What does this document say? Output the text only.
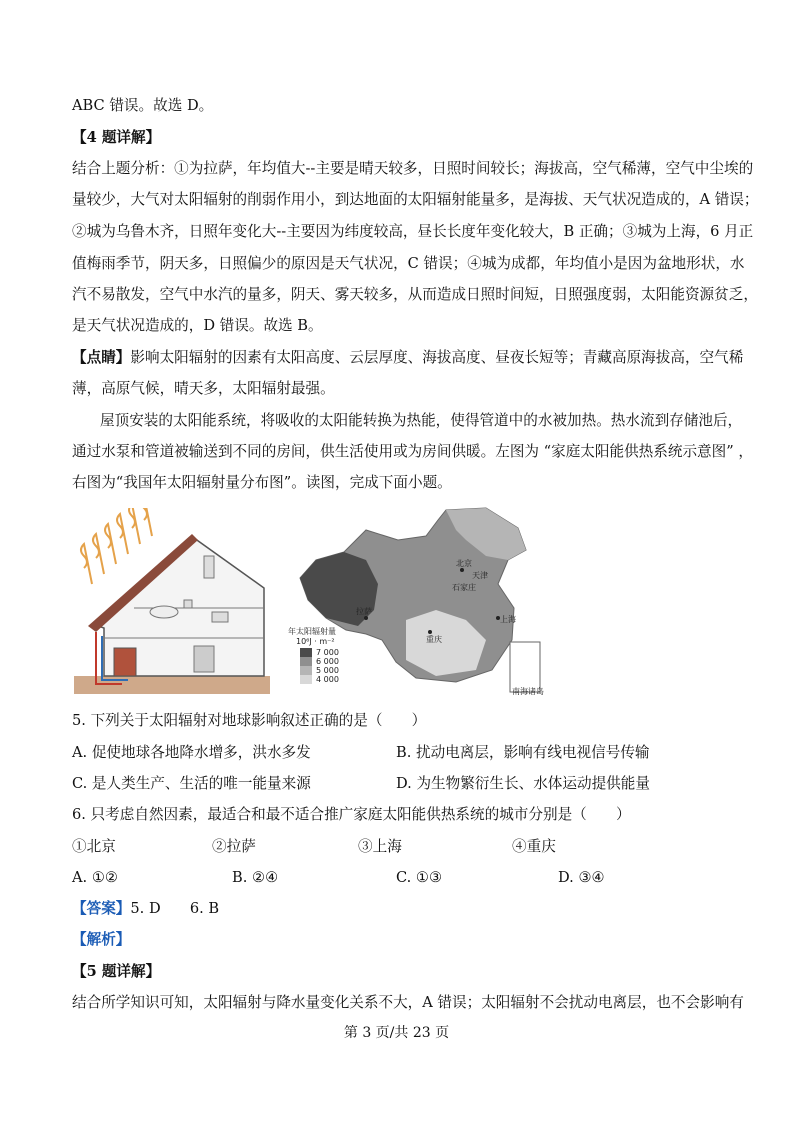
ABC 错误。故选 D。
【4 题详解】
结合上题分析：①为拉萨，年均值大--主要是晴天较多，日照时间较长；海拔高，空气稀薄，空气中尘埃的
量较少，大气对太阳辐射的削弱作用小，到达地面的太阳辐射能量多，是海拔、天气状况造成的，A 错误；
②城为乌鲁木齐，日照年变化大--主要因为纬度较高，昼长长度年变化较大，B 正确；③城为上海，6 月正
值梅雨季节，阴天多，日照偏少的原因是天气状况，C 错误；④城为成都，年均值小是因为盆地形状，水
汽不易散发，空气中水汽的量多，阴天、雾天较多，从而造成日照时间短，日照强度弱，太阳能资源贫乏，
是天气状况造成的，D 错误。故选 B。
【点睛】影响太阳辐射的因素有太阳高度、云层厚度、海拔高度、昼夜长短等；青藏高原海拔高，空气稀
薄，高原气候，晴天多，太阳辐射最强。
屋顶安装的太阳能系统，将吸收的太阳能转换为热能，使得管道中的水被加热。热水流到存储池后，
通过水泵和管道被输送到不同的房间，供生活使用或为房间供暖。左图为 “家庭太阳能供热系统示意图” ，
右图为“我国年太阳辐射量分布图”。读图，完成下面小题。
南海诸岛
北京
天津
石家庄
拉萨
重庆
上海
年太阳辐射量
10⁶J · m⁻²
7 000
6 000
5 000
4 000
5. 下列关于太阳辐射对地球影响叙述正确的是（　　）
A. 促使地球各地降水增多，洪水多发	B. 扰动电离层，影响有线电视信号传输
C. 是人类生产、生活的唯一能量来源	D. 为生物繁衍生长、水体运动提供能量
6. 只考虑自然因素，最适合和最不适合推广家庭太阳能供热系统的城市分别是（　　）
①北京	②拉萨	③上海	④重庆
A. ①②	B. ②④	C. ①③	D. ③④
【答案】5. D　　6. B
【解析】
【5 题详解】
结合所学知识可知，太阳辐射与降水量变化关系不大，A 错误；太阳辐射不会扰动电离层，也不会影响有
第 3 页/共 23 页
